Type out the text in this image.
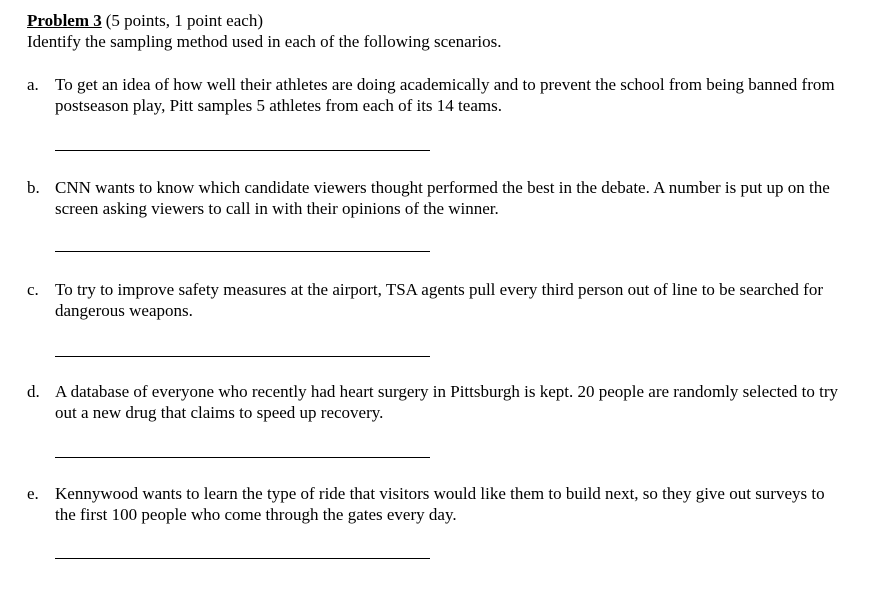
Problem 3 (5 points, 1 point each)
Identify the sampling method used in each of the following scenarios.
a. To get an idea of how well their athletes are doing academically and to prevent the school from being banned from postseason play, Pitt samples 5 athletes from each of its 14 teams.
b. CNN wants to know which candidate viewers thought performed the best in the debate. A number is put up on the screen asking viewers to call in with their opinions of the winner.
c. To try to improve safety measures at the airport, TSA agents pull every third person out of line to be searched for dangerous weapons.
d. A database of everyone who recently had heart surgery in Pittsburgh is kept. 20 people are randomly selected to try out a new drug that claims to speed up recovery.
e. Kennywood wants to learn the type of ride that visitors would like them to build next, so they give out surveys to the first 100 people who come through the gates every day.
